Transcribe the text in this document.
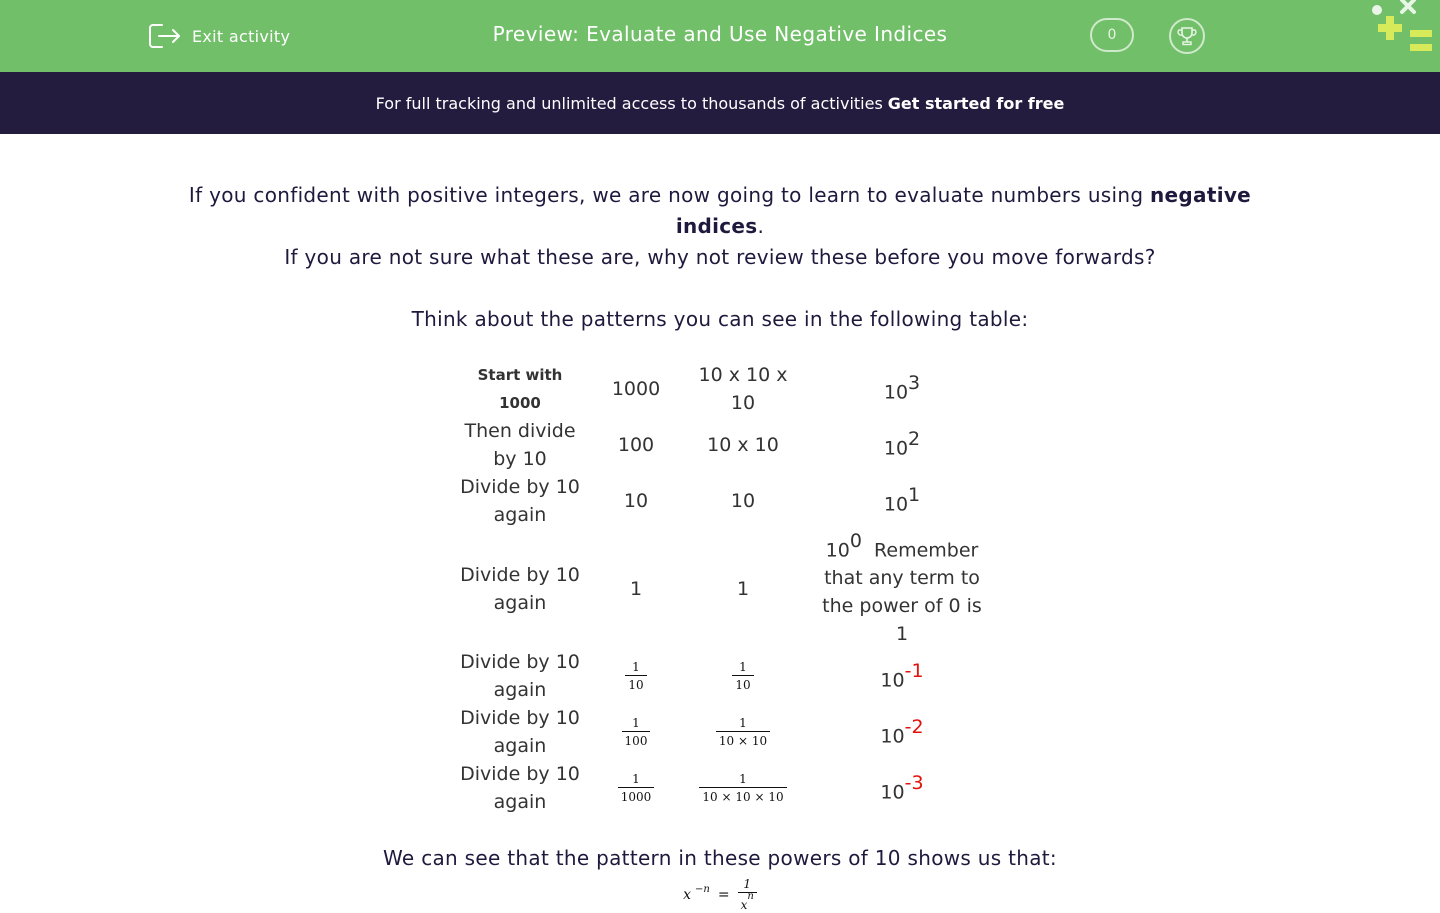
Exit activity	Preview: Evaluate and Use Negative Indices	0
For full tracking and unlimited access to thousands of activities Get started for free
If you confident with positive integers, we are now going to learn to evaluate numbers using negative indices.
If you are not sure what these are, why not review these before you move forwards?
Think about the patterns you can see in the following table:
Start with 1000	1000	10 x 10 x 10	$10^3$
Then divide by 10	100	10 x 10	$10^2$
Divide by 10 again	10	10	$10^1$
Divide by 10 again	1	1	$10^0$ Remember that any term to the power of 0 is 1
Divide by 10 again	$\frac{1}{10}$	$\frac{1}{10}$	$10^{-1}$
Divide by 10 again	$\frac{1}{100}$	$\frac{1}{10 \times 10}$	$10^{-2}$
Divide by 10 again	$\frac{1}{1000}$	$\frac{1}{10 \times 10 \times 10}$	$10^{-3}$
We can see that the pattern in these powers of 10 shows us that:
x $^{-n} = \frac{1}{x^n}$
